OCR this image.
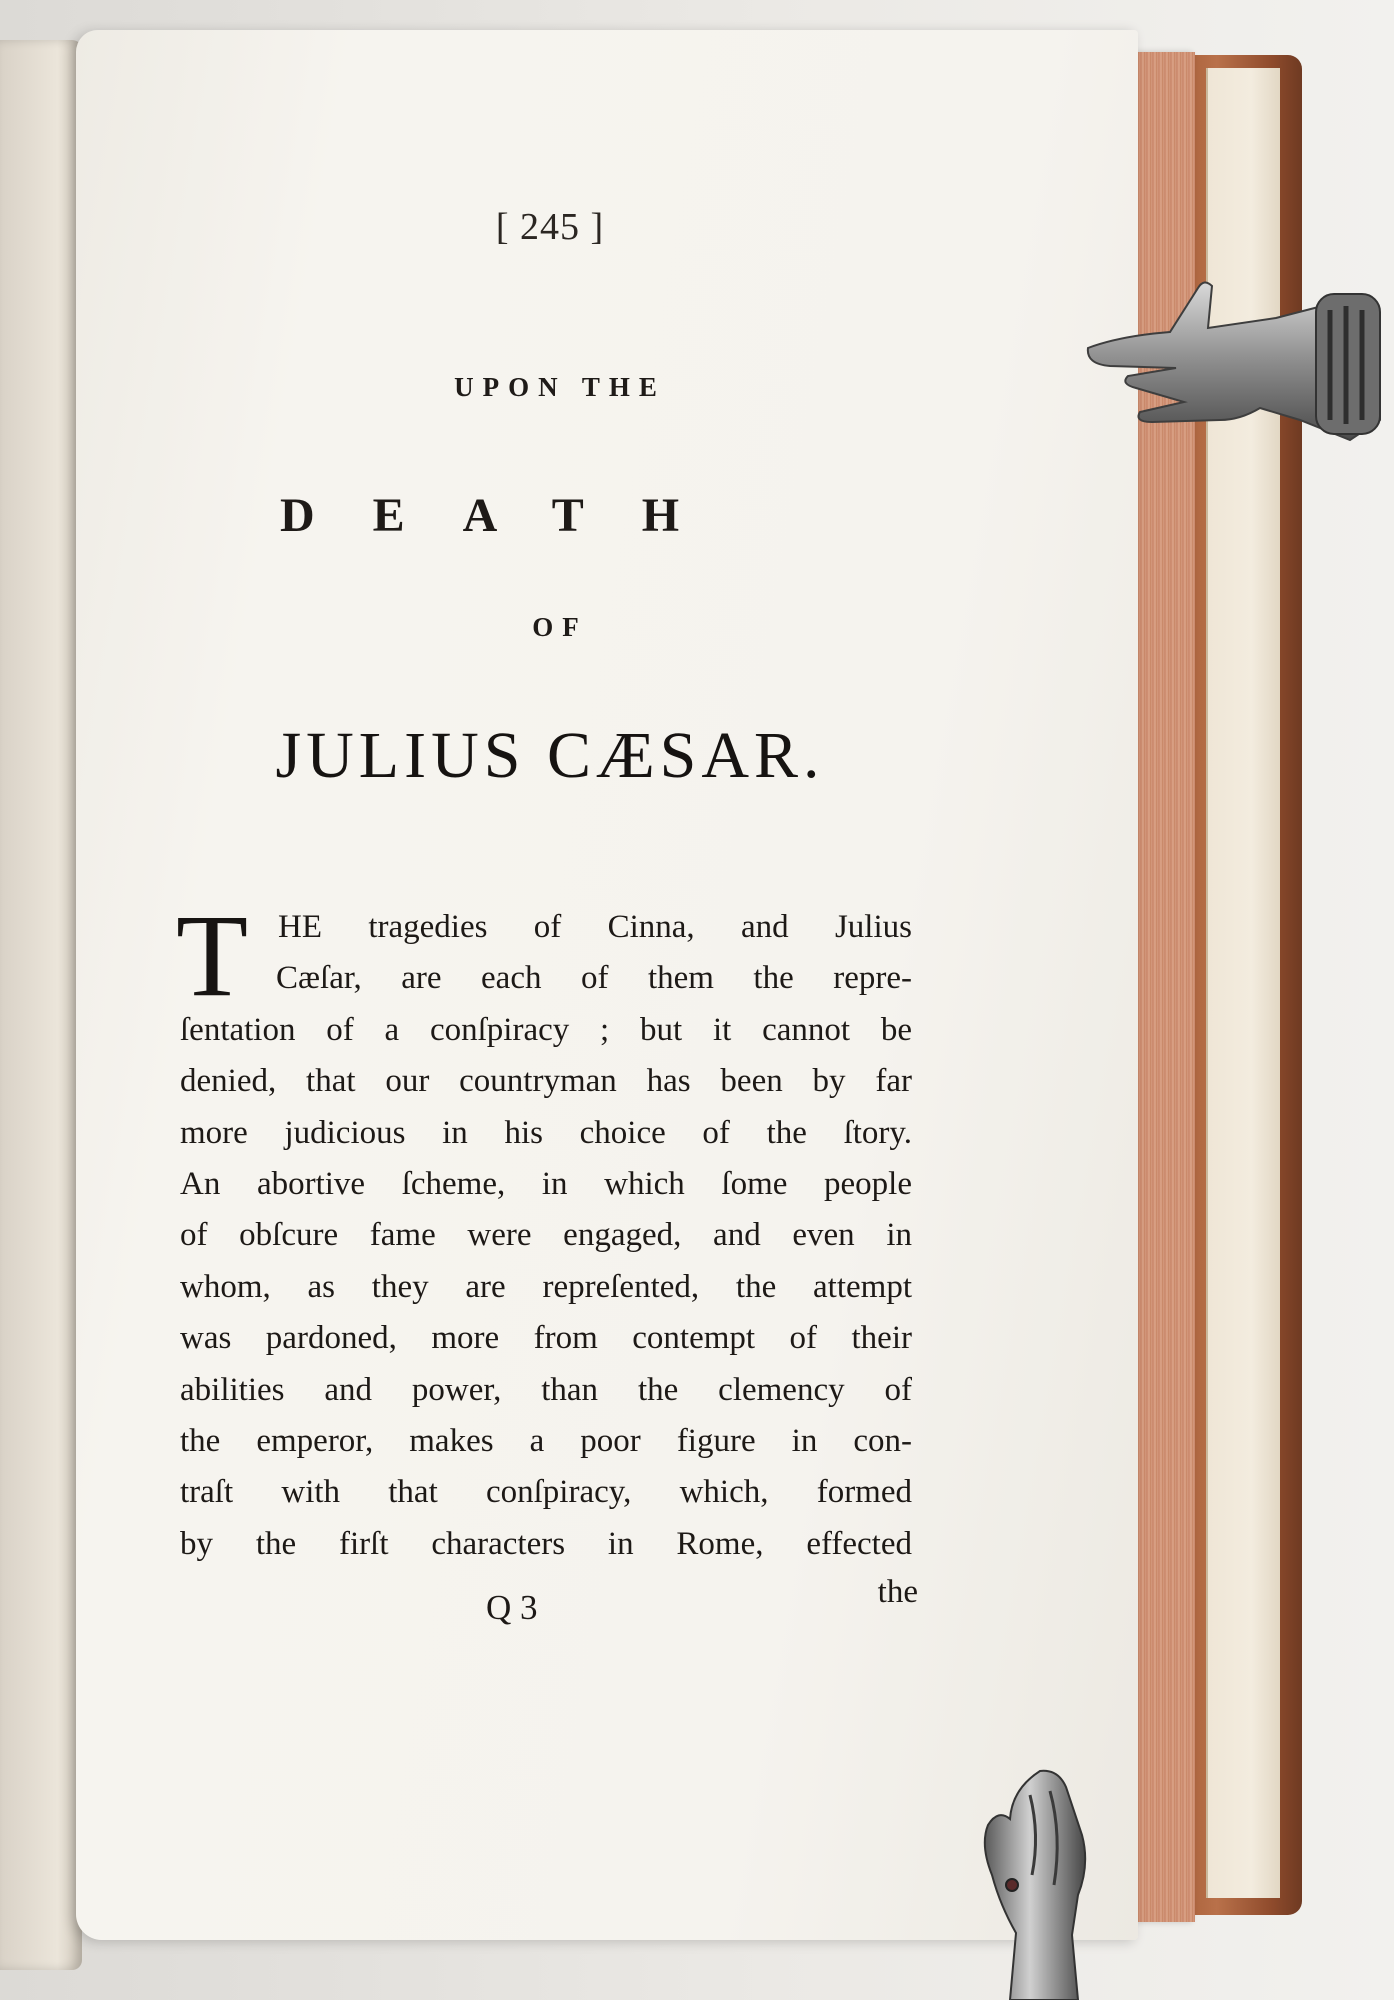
[ 245 ]
UPON THE
DEATH
OF
JULIUS CÆSAR.
T HE tragedies of Cinna, and Julius
Cæſar, are each of them the repre-
ſentation of a conſpiracy ; but it cannot be
denied, that our countryman has been by far
more judicious in his choice of the ſtory.
An abortive ſcheme, in which ſome people
of obſcure fame were engaged, and even in
whom, as they are repreſented, the attempt
was pardoned, more from contempt of their
abilities and power, than the clemency of
the emperor, makes a poor figure in con-
traſt with that conſpiracy, which, formed
by the firſt characters in Rome, effected
Q 3	the
